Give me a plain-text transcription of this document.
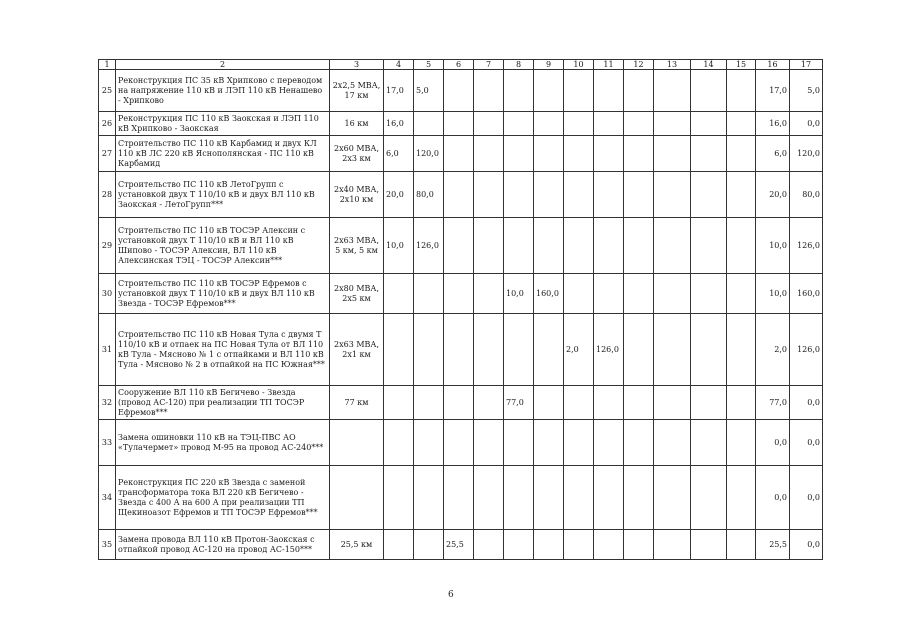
1	2	3	4	5	6	7	8	9	10	11	12	13	14	15	16	17
25	Реконструкция ПС 35 кВ Хрипково с переводом на напряжение 110 кВ и ЛЭП 110 кВ Ненашево - Хрипково	2х2,5 МВА, 17 км	17,0	5,0											17,0	5,0
26	Реконструкция ПС 110 кВ Заокская и ЛЭП 110 кВ Хрипково - Заокская	16 км	16,0												16,0	0,0
27	Строительство ПС 110 кВ Карбамид и двух КЛ 110 кВ ЛС 220 кВ Яснополянская - ПС 110 кВ Карбамид	2х60 МВА, 2х3 км	6,0	120,0											6,0	120,0
28	Строительство ПС 110 кВ ЛетоГрупп с установкой двух Т 110/10 кВ и двух ВЛ 110 кВ Заокская - ЛетоГрупп***	2х40 МВА, 2х10 км	20,0	80,0											20,0	80,0
29	Строительство ПС 110 кВ ТОСЭР Алексин с установкой двух Т 110/10 кВ и ВЛ 110 кВ Шипово - ТОСЭР Алексин, ВЛ 110 кВ Алексинская ТЭЦ - ТОСЭР Алексин***	2х63 МВА, 5 км, 5 км	10,0	126,0											10,0	126,0
30	Строительство ПС 110 кВ ТОСЭР Ефремов с установкой двух Т 110/10 кВ и двух ВЛ 110 кВ Звезда - ТОСЭР Ефремов***	2х80 МВА, 2х5 км					10,0	160,0							10,0	160,0
31	Строительство ПС 110 кВ Новая Тула с двумя Т 110/10 кВ и отпаек на ПС Новая Тула от ВЛ 110 кВ Тула - Мясново № 1 с отпайками и ВЛ 110 кВ Тула - Мясново № 2 в отпайкой на ПС Южная***	2х63 МВА, 2х1 км							2,0	126,0					2,0	126,0
32	Сооружение ВЛ 110 кВ Бегичево - Звезда (провод АС-120) при реализации ТП ТОСЭР Ефремов***	77 км					77,0								77,0	0,0
33	Замена ошиновки 110 кВ на ТЭЦ-ПВС АО «Тулачермет» провод М-95 на провод АС-240***														0,0	0,0
34	Реконструкция ПС 220 кВ Звезда с заменой трансформатора тока ВЛ 220 кВ Бегичево - Звезда с 400 А на 600 А при реализации ТП Щекиноазот Ефремов и ТП ТОСЭР Ефремов***														0,0	0,0
35	Замена провода ВЛ 110 кВ Протон-Заокская с отпайкой провод АС-120 на провод АС-150***	25,5 км			25,5										25,5	0,0
6
